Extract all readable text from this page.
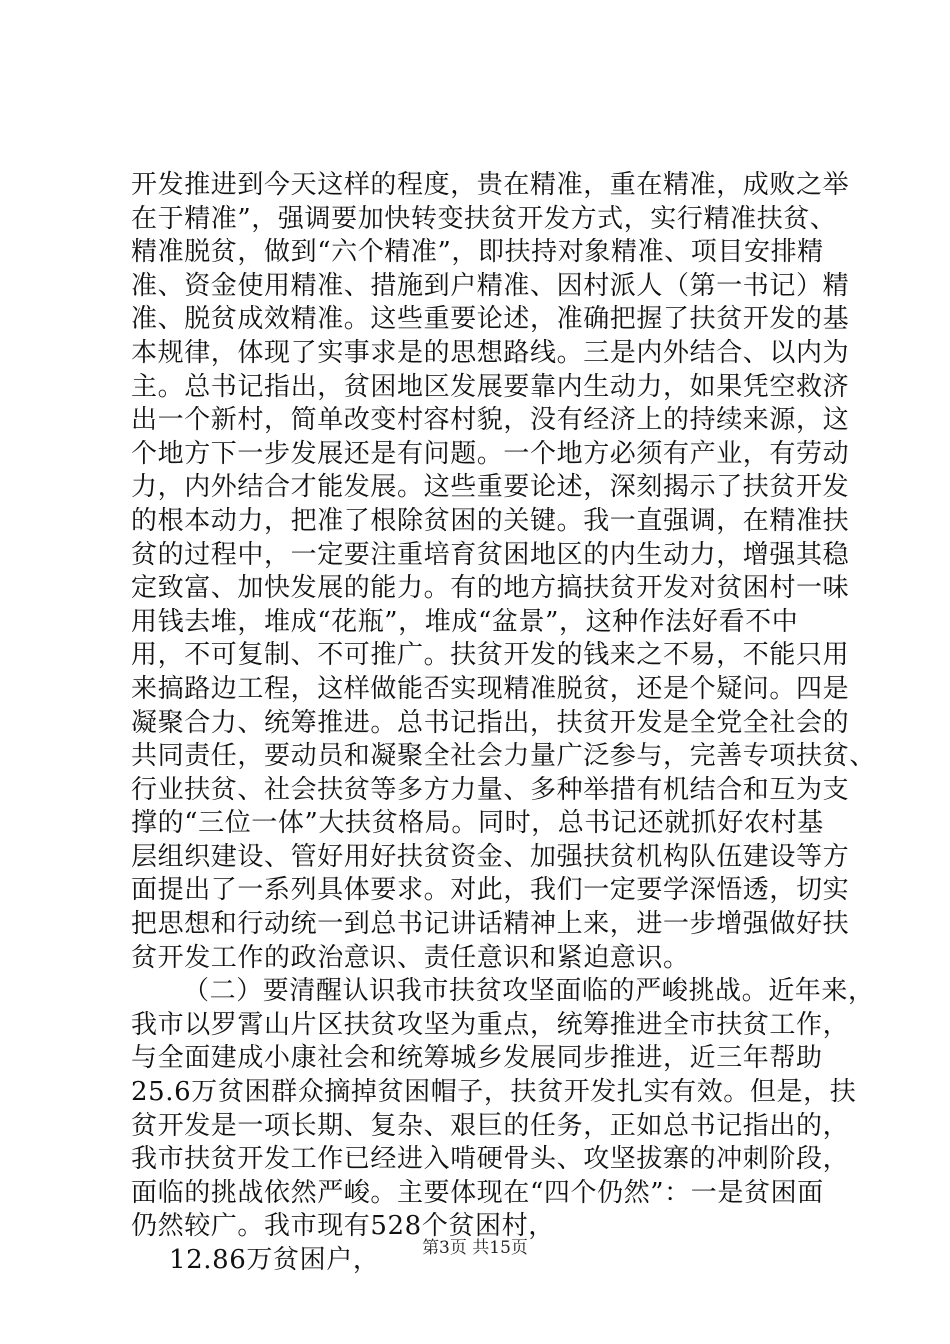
开发推进到今天这样的程度，贵在精准，重在精准，成败之举
在于精准”，强调要加快转变扶贫开发方式，实行精准扶贫、
精准脱贫，做到“六个精准”，即扶持对象精准、项目安排精
准、资金使用精准、措施到户精准、因村派人（第一书记）精
准、脱贫成效精准。这些重要论述，准确把握了扶贫开发的基
本规律，体现了实事求是的思想路线。三是内外结合、以内为
主。总书记指出，贫困地区发展要靠内生动力，如果凭空救济
出一个新村，简单改变村容村貌，没有经济上的持续来源，这
个地方下一步发展还是有问题。一个地方必须有产业，有劳动
力，内外结合才能发展。这些重要论述，深刻揭示了扶贫开发
的根本动力，把准了根除贫困的关键。我一直强调，在精准扶
贫的过程中，一定要注重培育贫困地区的内生动力，增强其稳
定致富、加快发展的能力。有的地方搞扶贫开发对贫困村一味
用钱去堆，堆成“花瓶”，堆成“盆景”，这种作法好看不中
用，不可复制、不可推广。扶贫开发的钱来之不易，不能只用
来搞路边工程，这样做能否实现精准脱贫，还是个疑问。四是
凝聚合力、统筹推进。总书记指出，扶贫开发是全党全社会的
共同责任，要动员和凝聚全社会力量广泛参与，完善专项扶贫、
行业扶贫、社会扶贫等多方力量、多种举措有机结合和互为支
撑的“三位一体”大扶贫格局。同时，总书记还就抓好农村基
层组织建设、管好用好扶贫资金、加强扶贫机构队伍建设等方
面提出了一系列具体要求。对此，我们一定要学深悟透，切实
把思想和行动统一到总书记讲话精神上来，进一步增强做好扶
贫开发工作的政治意识、责任意识和紧迫意识。
（二）要清醒认识我市扶贫攻坚面临的严峻挑战。近年来，
我市以罗霄山片区扶贫攻坚为重点，统筹推进全市扶贫工作，
与全面建成小康社会和统筹城乡发展同步推进，近三年帮助
25.6万贫困群众摘掉贫困帽子，扶贫开发扎实有效。但是，扶
贫开发是一项长期、复杂、艰巨的任务，正如总书记指出的，
我市扶贫开发工作已经进入啃硬骨头、攻坚拔寨的冲刺阶段，
面临的挑战依然严峻。主要体现在“四个仍然”：一是贫困面
仍然较广。我市现有528个贫困村，
12.86万贫困户，	第3页 共15页
